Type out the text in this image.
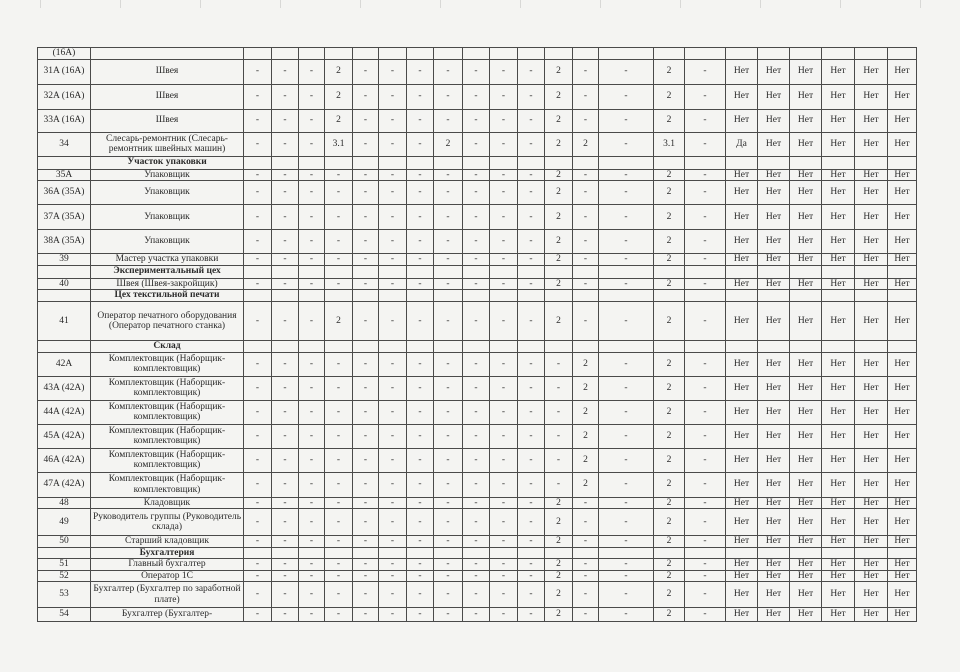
(16A)																							
31A (16A)	Швея	-	-	-	2	-	-	-	-	-	-	-	2	-	-	2	-	Нет	Нет	Нет	Нет	Нет	Нет
32A (16A)	Швея	-	-	-	2	-	-	-	-	-	-	-	2	-	-	2	-	Нет	Нет	Нет	Нет	Нет	Нет
33A (16A)	Швея	-	-	-	2	-	-	-	-	-	-	-	2	-	-	2	-	Нет	Нет	Нет	Нет	Нет	Нет
34	Слесарь-ремонтник (Слесарь-ремонтник швейных машин)	-	-	-	3.1	-	-	-	2	-	-	-	2	2	-	3.1	-	Да	Нет	Нет	Нет	Нет	Нет
	Участок упаковки																						
35A	Упаковщик	-	-	-	-	-	-	-	-	-	-	-	2	-	-	2	-	Нет	Нет	Нет	Нет	Нет	Нет
36A (35A)	Упаковщик	-	-	-	-	-	-	-	-	-	-	-	2	-	-	2	-	Нет	Нет	Нет	Нет	Нет	Нет
37A (35A)	Упаковщик	-	-	-	-	-	-	-	-	-	-	-	2	-	-	2	-	Нет	Нет	Нет	Нет	Нет	Нет
38A (35A)	Упаковщик	-	-	-	-	-	-	-	-	-	-	-	2	-	-	2	-	Нет	Нет	Нет	Нет	Нет	Нет
39	Мастер участка упаковки	-	-	-	-	-	-	-	-	-	-	-	2	-	-	2	-	Нет	Нет	Нет	Нет	Нет	Нет
	Экспериментальный цех																						
40	Швея (Швея-закройщик)	-	-	-	-	-	-	-	-	-	-	-	2	-	-	2	-	Нет	Нет	Нет	Нет	Нет	Нет
	Цех текстильной печати																						
41	Оператор печатного оборудования (Оператор печатного станка)	-	-	-	2	-	-	-	-	-	-	-	2	-	-	2	-	Нет	Нет	Нет	Нет	Нет	Нет
	Склад																						
42A	Комплектовщик (Наборщик-комплектовщик)	-	-	-	-	-	-	-	-	-	-	-	-	2	-	2	-	Нет	Нет	Нет	Нет	Нет	Нет
43A (42A)	Комплектовщик (Наборщик-комплектовщик)	-	-	-	-	-	-	-	-	-	-	-	-	2	-	2	-	Нет	Нет	Нет	Нет	Нет	Нет
44A (42A)	Комплектовщик (Наборщик-комплектовщик)	-	-	-	-	-	-	-	-	-	-	-	-	2	-	2	-	Нет	Нет	Нет	Нет	Нет	Нет
45A (42A)	Комплектовщик (Наборщик-комплектовщик)	-	-	-	-	-	-	-	-	-	-	-	-	2	-	2	-	Нет	Нет	Нет	Нет	Нет	Нет
46A (42A)	Комплектовщик (Наборщик-комплектовщик)	-	-	-	-	-	-	-	-	-	-	-	-	2	-	2	-	Нет	Нет	Нет	Нет	Нет	Нет
47A (42A)	Комплектовщик (Наборщик-комплектовщик)	-	-	-	-	-	-	-	-	-	-	-	-	2	-	2	-	Нет	Нет	Нет	Нет	Нет	Нет
48	Кладовщик	-	-	-	-	-	-	-	-	-	-	-	2	-	-	2	-	Нет	Нет	Нет	Нет	Нет	Нет
49	Руководитель группы (Руководитель склада)	-	-	-	-	-	-	-	-	-	-	-	2	-	-	2	-	Нет	Нет	Нет	Нет	Нет	Нет
50	Старший кладовщик	-	-	-	-	-	-	-	-	-	-	-	2	-	-	2	-	Нет	Нет	Нет	Нет	Нет	Нет
	Бухгалтерия																						
51	Главный бухгалтер	-	-	-	-	-	-	-	-	-	-	-	2	-	-	2	-	Нет	Нет	Нет	Нет	Нет	Нет
52	Оператор 1С	-	-	-	-	-	-	-	-	-	-	-	2	-	-	2	-	Нет	Нет	Нет	Нет	Нет	Нет
53	Бухгалтер (Бухгалтер по заработной плате)	-	-	-	-	-	-	-	-	-	-	-	2	-	-	2	-	Нет	Нет	Нет	Нет	Нет	Нет
54	Бухгалтер (Бухгалтер-	-	-	-	-	-	-	-	-	-	-	-	2	-	-	2	-	Нет	Нет	Нет	Нет	Нет	Нет
